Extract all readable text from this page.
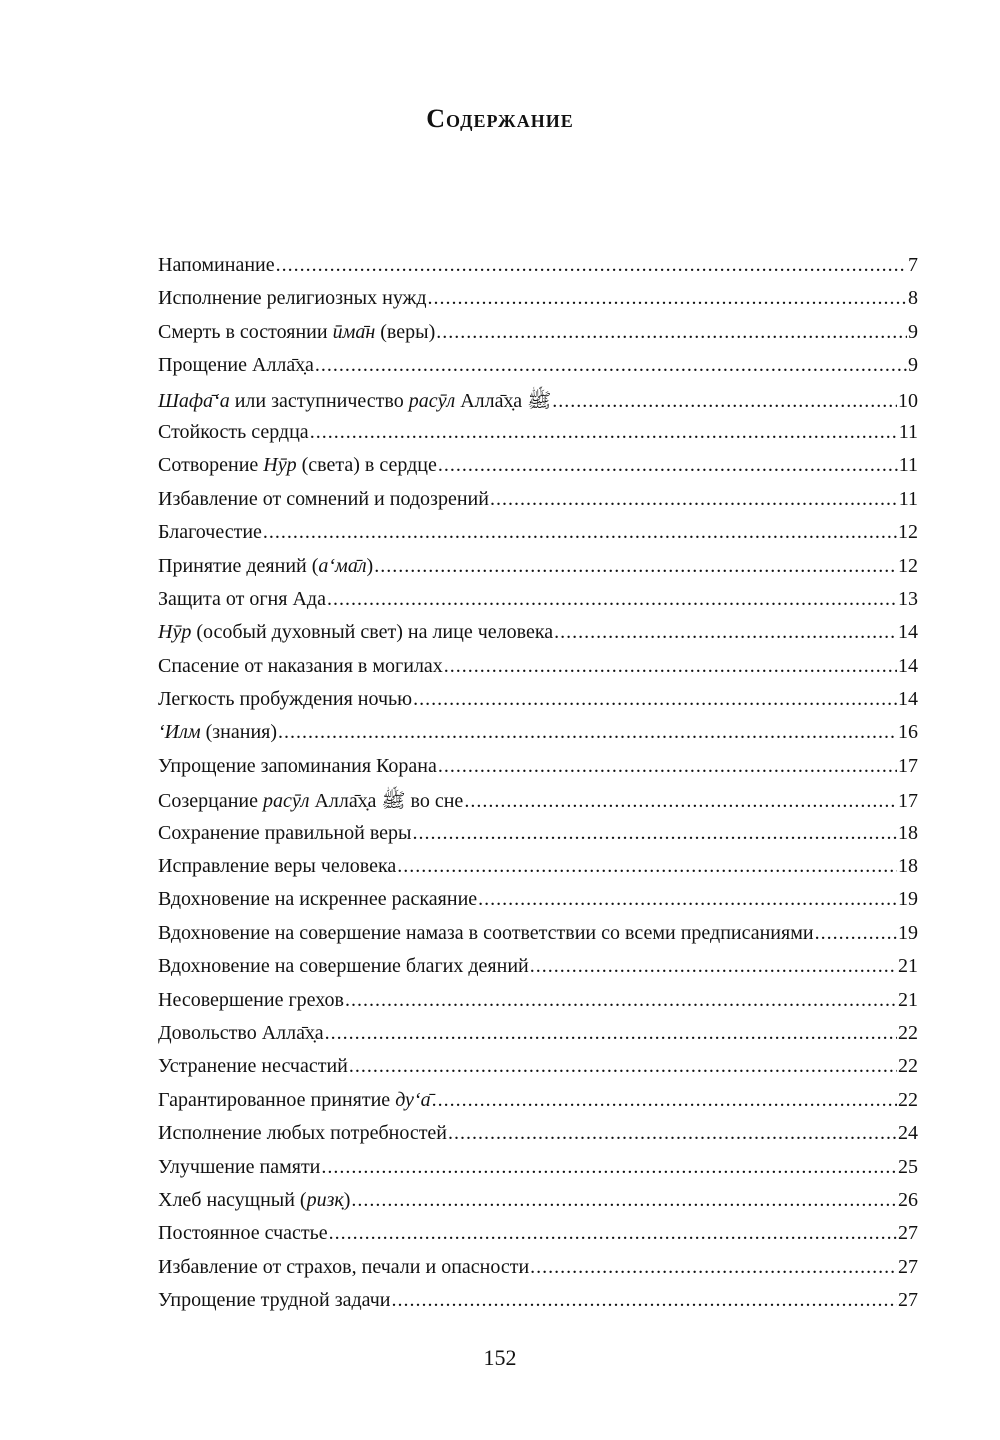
Содержание
Напоминание .....	7
Исполнение религиозных нужд .....	8
Смерть в состоянии ӣма̄н (веры) .....	9
Прощение Алла̄х̣а .....	9
Шафа̄‘а или заступничество расӯл Алла̄х̣а ﷺ .....	10
Стойкость сердца .....	11
Сотворение Нӯр (света) в сердце .....	11
Избавление от сомнений и подозрений .....	11
Благочестие .....	12
Принятие деяний (а‘ма̄л) .....	12
Защита от огня Ада .....	13
Нӯр (особый духовный свет) на лице человека .....	14
Спасение от наказания в могилах .....	14
Легкость пробуждения ночью .....	14
‘Илм (знания) .....	16
Упрощение запоминания Корана .....	17
Созерцание расӯл Алла̄х̣а ﷺ во сне .....	17
Сохранение правильной веры .....	18
Исправление веры человека .....	18
Вдохновение на искреннее раскаяние .....	19
Вдохновение на совершение намаза в соответствии со всеми предписаниями .....	19
Вдохновение на совершение благих деяний .....	21
Несовершение грехов .....	21
Довольство Алла̄х̣а .....	22
Устранение несчастий .....	22
Гарантированное принятие ду‘а̄ .....	22
Исполнение любых потребностей .....	24
Улучшение памяти .....	25
Хлеб насущный (ризк̣) .....	26
Постоянное счастье .....	27
Избавление от страхов, печали и опасности .....	27
Упрощение трудной задачи .....	27

152
